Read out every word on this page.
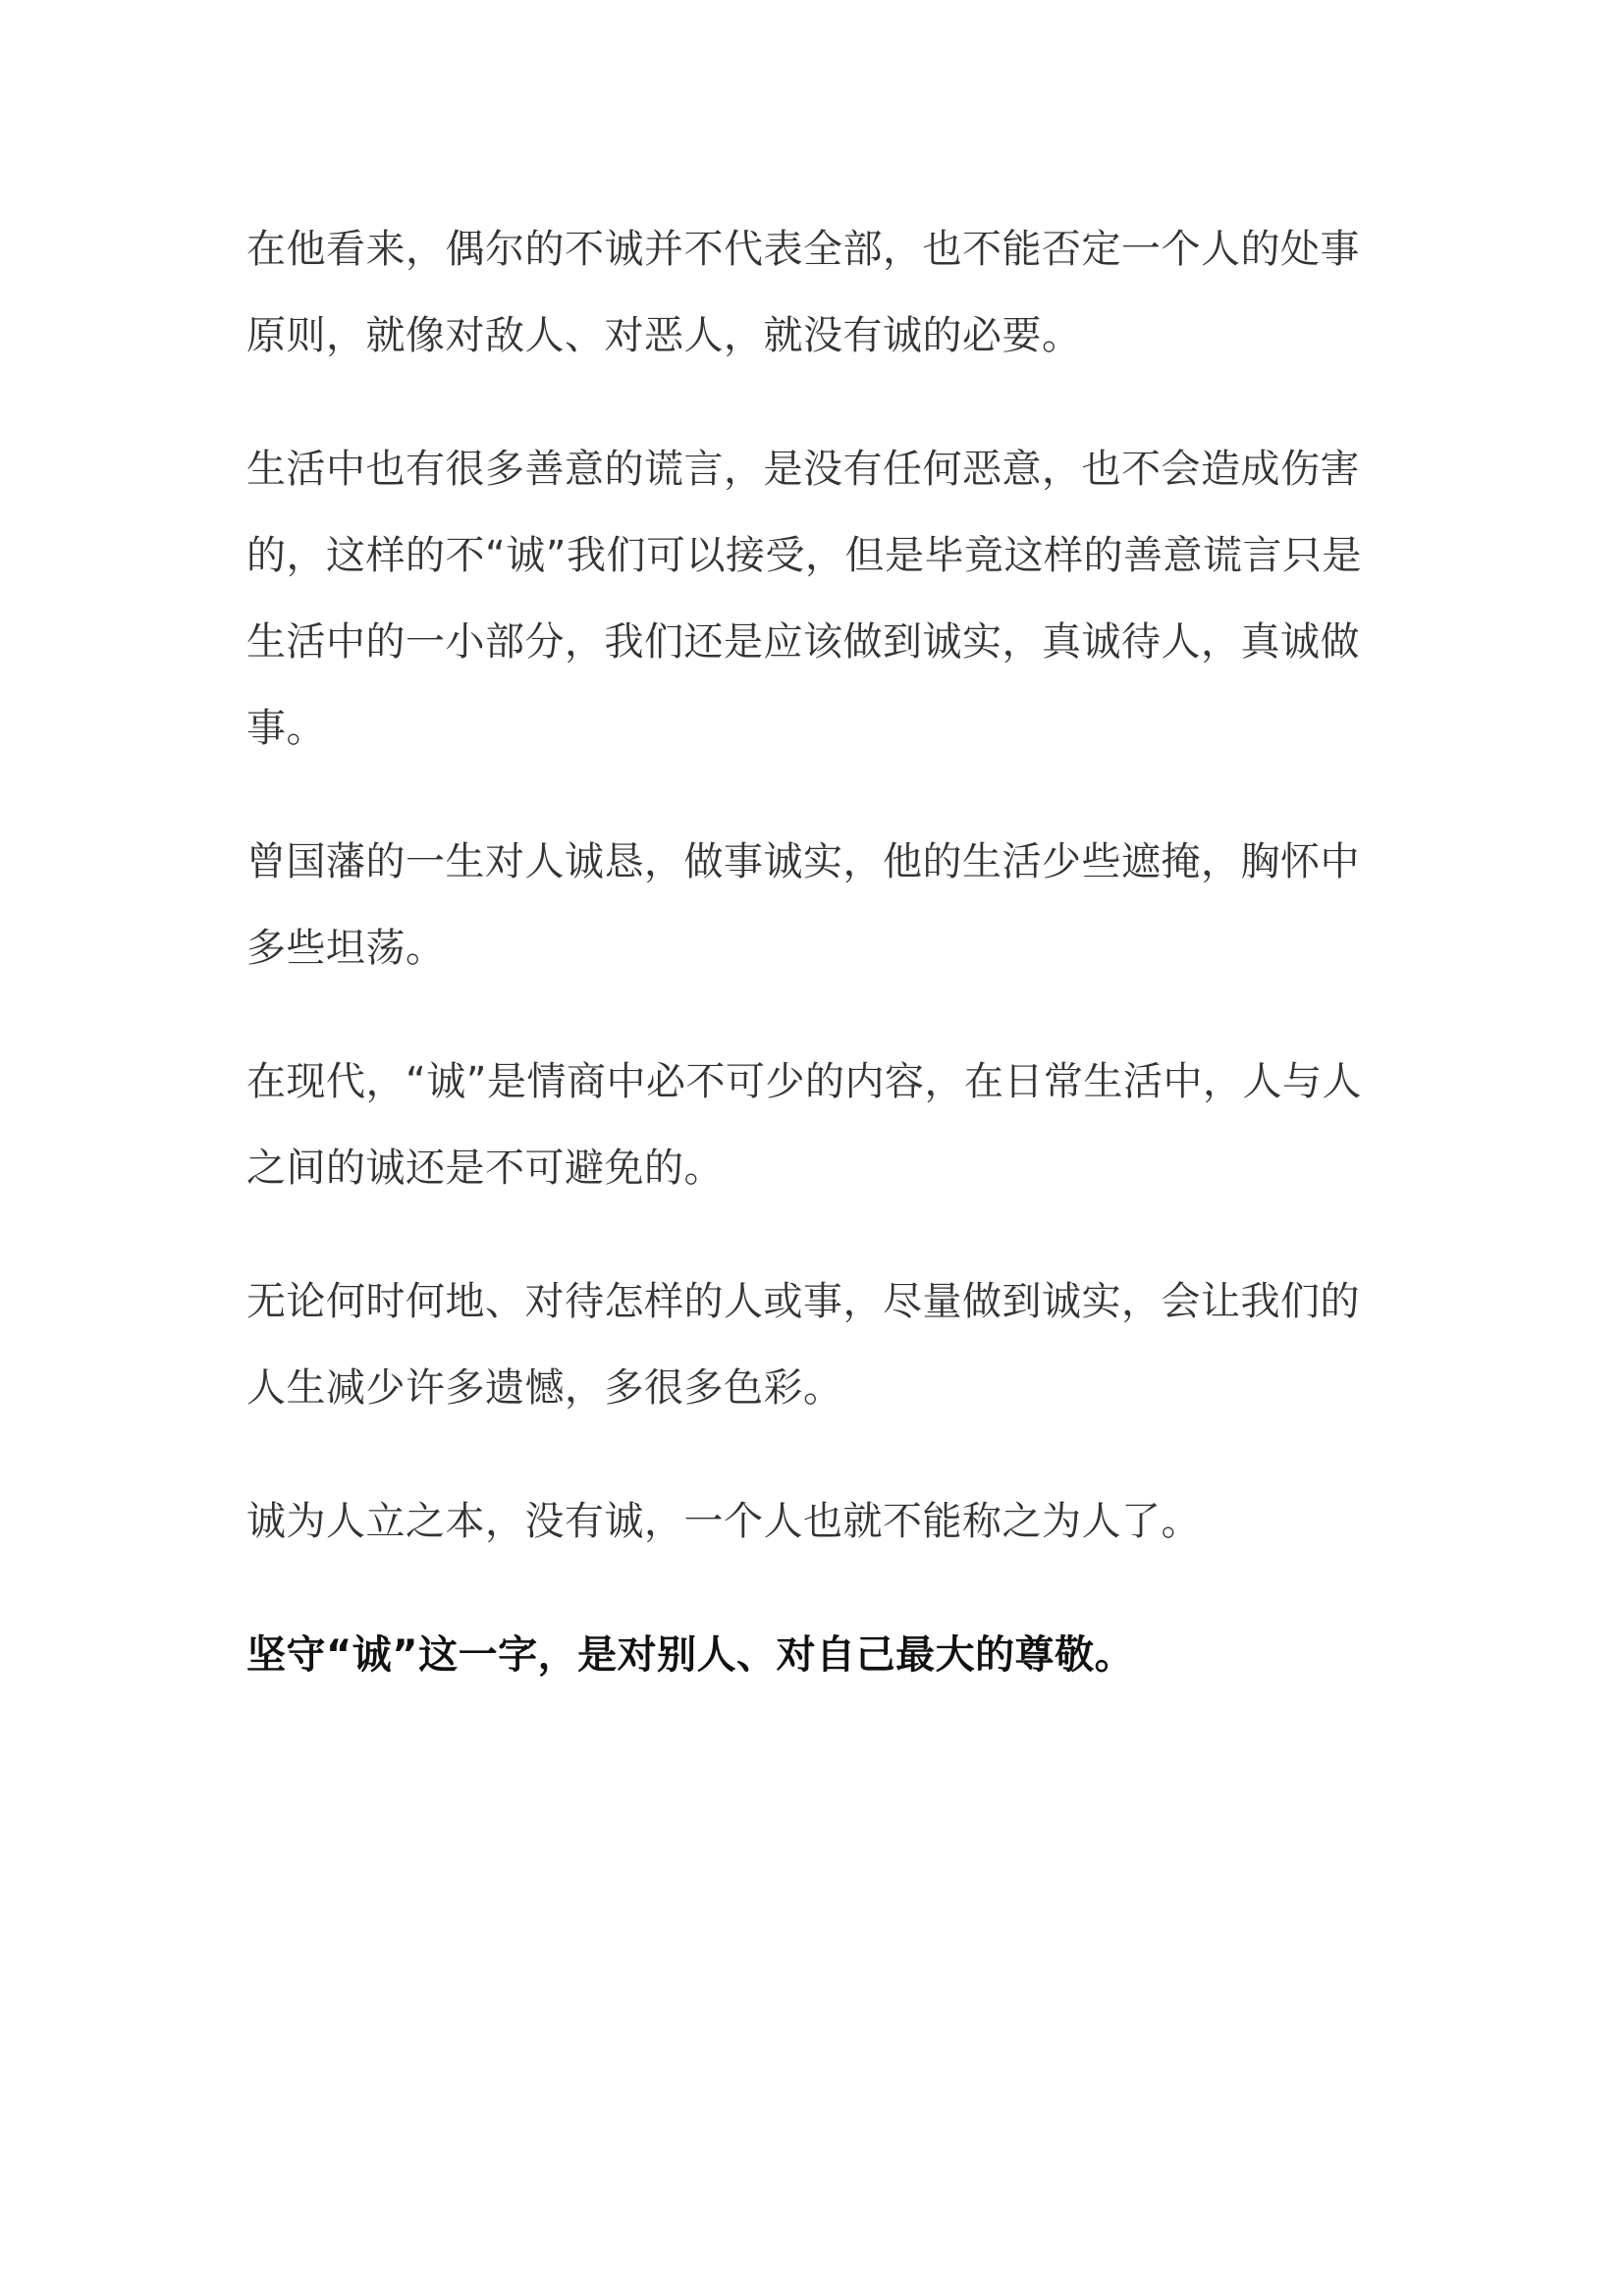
在他看来，偶尔的不诚并不代表全部，也不能否定一个人的处事原则，就像对敌人、对恶人，就没有诚的必要。

生活中也有很多善意的谎言，是没有任何恶意，也不会造成伤害的，这样的不“诚”我们可以接受，但是毕竟这样的善意谎言只是生活中的一小部分，我们还是应该做到诚实，真诚待人，真诚做事。

曾国藩的一生对人诚恳，做事诚实，他的生活少些遮掩，胸怀中多些坦荡。

在现代，“诚”是情商中必不可少的内容，在日常生活中，人与人之间的诚还是不可避免的。

无论何时何地、对待怎样的人或事，尽量做到诚实，会让我们的人生减少许多遗憾，多很多色彩。

诚为人立之本，没有诚，一个人也就不能称之为人了。

坚守“诚”这一字，是对别人、对自己最大的尊敬。
